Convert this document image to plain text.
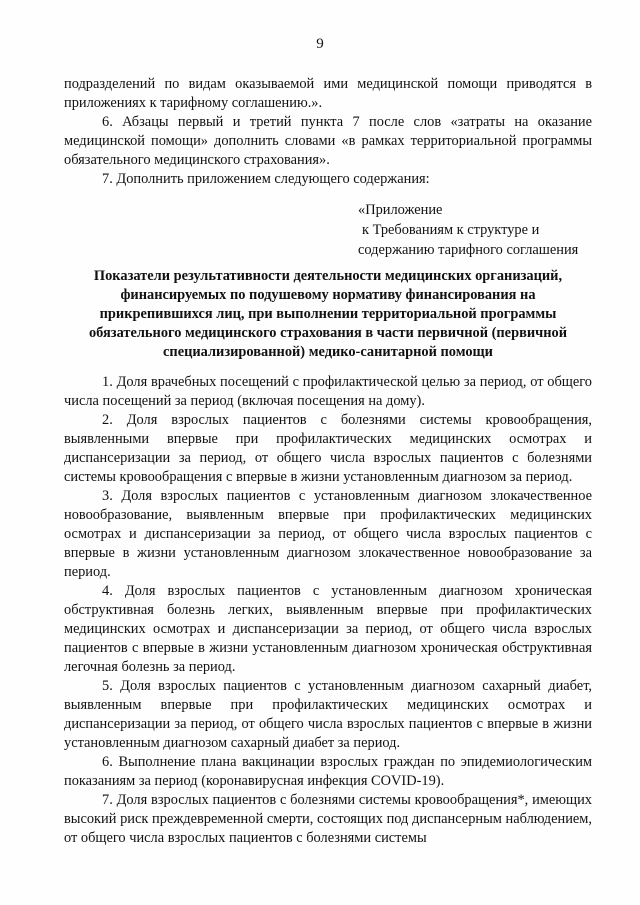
9

подразделений по видам оказываемой ими медицинской помощи приводятся в приложениях к тарифному соглашению.».

6. Абзацы первый и третий пункта 7 после слов «затраты на оказание медицинской помощи» дополнить словами «в рамках территориальной программы обязательного медицинского страхования».

7. Дополнить приложением следующего содержания:

«Приложение
к Требованиям к структуре и
содержанию тарифного соглашения
Показатели результативности деятельности медицинских организаций, финансируемых по подушевому нормативу финансирования на прикрепившихся лиц, при выполнении территориальной программы обязательного медицинского страхования в части первичной (первичной специализированной) медико-санитарной помощи

1. Доля врачебных посещений с профилактической целью за период, от общего числа посещений за период (включая посещения на дому).

2. Доля взрослых пациентов с болезнями системы кровообращения, выявленными впервые при профилактических медицинских осмотрах и диспансеризации за период, от общего числа взрослых пациентов с болезнями системы кровообращения с впервые в жизни установленным диагнозом за период.

3. Доля взрослых пациентов с установленным диагнозом злокачественное новообразование, выявленным впервые при профилактических медицинских осмотрах и диспансеризации за период, от общего числа взрослых пациентов с впервые в жизни установленным диагнозом злокачественное новообразование за период.

4. Доля взрослых пациентов с установленным диагнозом хроническая обструктивная болезнь легких, выявленным впервые при профилактических медицинских осмотрах и диспансеризации за период, от общего числа взрослых пациентов с впервые в жизни установленным диагнозом хроническая обструктивная легочная болезнь за период.

5. Доля взрослых пациентов с установленным диагнозом сахарный диабет, выявленным впервые при профилактических медицинских осмотрах и диспансеризации за период, от общего числа взрослых пациентов с впервые в жизни установленным диагнозом сахарный диабет за период.

6. Выполнение плана вакцинации взрослых граждан по эпидемиологическим показаниям за период (коронавирусная инфекция COVID-19).

7. Доля взрослых пациентов с болезнями системы кровообращения*, имеющих высокий риск преждевременной смерти, состоящих под диспансерным наблюдением, от общего числа взрослых пациентов с болезнями системы
